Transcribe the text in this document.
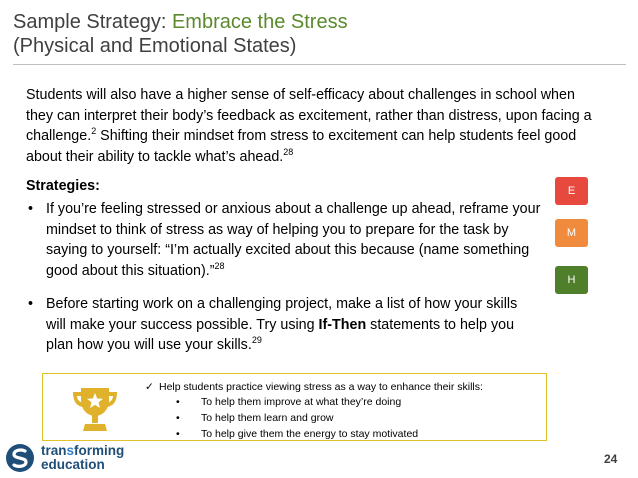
Sample Strategy: Embrace the Stress
(Physical and Emotional States)
Students will also have a higher sense of self-efficacy about challenges in school when they can interpret their body’s feedback as excitement, rather than distress, upon facing a challenge.$^2$ Shifting their mindset from stress to excitement can help students feel good about their ability to tackle what’s ahead.$^{28}$
Strategies:
• If you’re feeling stressed or anxious about a challenge up ahead, reframe your mindset to think of stress as way of helping you to prepare for the task by saying to yourself: “I’m actually excited about this because (name something good about this situation).”$^{28}$
• Before starting work on a challenging project, make a list of how your skills will make your success possible. Try using If-Then statements to help you plan how you will use your skills.$^{29}$
E
M
H
✓ Help students practice viewing stress as a way to enhance their skills:
• To help them improve at what they’re doing
• To help them learn and grow
• To help give them the energy to stay motivated
transforming
education	24
